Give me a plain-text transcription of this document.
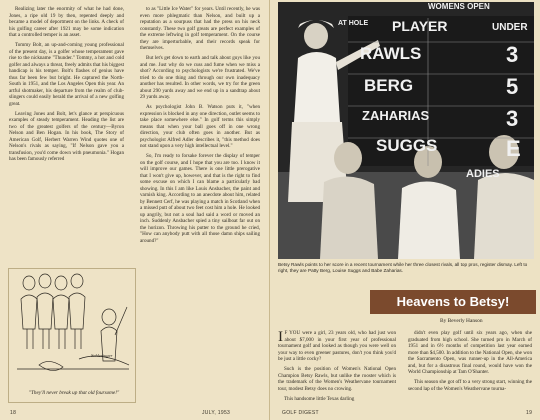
Realizing later the enormity of what he had done, Jones, a ripe old 19 by then, repented deeply and became a model of deportment on the links. A check of his golfing career after 1921 may be some indication that a controlled temper is an asset.

Tommy Bolt, an up-and-coming young professional of the present day, is a golfer whose temperament gave rise to the nickname "Thunder." Tommy, a hot and cold golfer and always a threat, freely admits that his biggest handicap is his temper. Bolt's flashes of genius have thus far been few but bright. He captured the North-South in 1951, and the Los Angeles Open this year. An artful shotmaker, his departure from the realm of club-slingers could easily herald the arrival of a new golfing great.

Leaving Jones and Bolt, let's glance at perspicuous examples of steady temperament. Heading the list are two of the greatest golfers of the century—Byron Nelson and Ben Hogan. In his book, The Story of American Golf, Herbert Warren Wind quotes one of Nelson's rivals as saying, "If Nelson gave you a transfusion, you'd come down with pneumonia." Hogan has been famously referred

to as "Little Ice Water" for years. Until recently, he was even more phlegmatic than Nelson, and built up a reputation as a sourpuss that had the press on his neck constantly. These two golf greats are perfect examples of the extreme leftwing in golf temperament. On the course they are imperturbable, and their records speak for themselves.

But let's get down to earth and talk about guys like you and me. Just why do we cuss and fume when we miss a shot? According to psychologists we're frustrated. We've tried to do one thing and through our own inadequacy another has resulted. In other words, we try for the green about 290 yards away and we end up in a sandtrap about 29 yards away.

As psychologist John B. Watson puts it, "when expression is blocked in any one direction, outlet seems to take place somewhere else." In golf terms this simply means that when your ball goes off in one wrong direction, your club often goes in another. But as psychologist Alfred Adler describes it, "this method does not stand upon a very high intellectual level."

So, I'm ready to forsake forever the display of temper on the golf course, and I hope that you are too. I know it will improve our games. There is one little prerogative that I won't give up, however, and that is the right to find some excuse on which I can blame a particularly bad showing. In this I am like Louis Ansbacher, the paint and varnish king. According to an anecdote about him, related by Bennett Cerf, he was playing a match in Scotland when a missed putt of about two feet cost him a hole. He looked up angrily, but not a soul had said a word or moved an inch. Suddenly Ansbacher spied a tiny sailboat far out on the horizon. Throwing his putter to the ground he cried, "How can anybody putt with all those damn ships sailing around?"

Schlesiuger
"They'll never break up that old foursome!"
18	JULY, 1953
WOMENS OPEN
AT HOLE PLAYER	UNDER
RAWLS
BERG
ZAHARIAS
SUGGS
3
5
3
E
ADIES
Betsy Rawls points to her score in a recent tournament while her three closest rivals, all top pros, register dismay. Left to right, they are Patty Berg, Louise Suggs and Babe Zaharias.
Heavens to Betsy!
By Beverly Hanson

I F YOU were a girl, 23 years old, who had just won about $7,000 in your first year of professional tournament golf and looked as though you were well on your way to even greener pastures, don't you think you'd be just a little cocky?

Such is the position of Women's National Open Champion Betsy Rawls, but unlike the rooster which is the trademark of the Women's Weathervane tournament tour, modest Betsy does no crowing.

This handsome little Texas darling

didn't even play golf until six years ago, when she graduated from high school. She turned pro in March of 1951 and in 6½ months of competition last year earned more than $4,500. In addition to the National Open, she won the Sacramento Open, was runner-up in the All-America and, but for a disastrous final round, would have won the World Championship at Tam O'Shanter.

This season she got off to a very strong start, winning the second lap of the Women's Weathervane tourna-

GOLF DIGEST	19
